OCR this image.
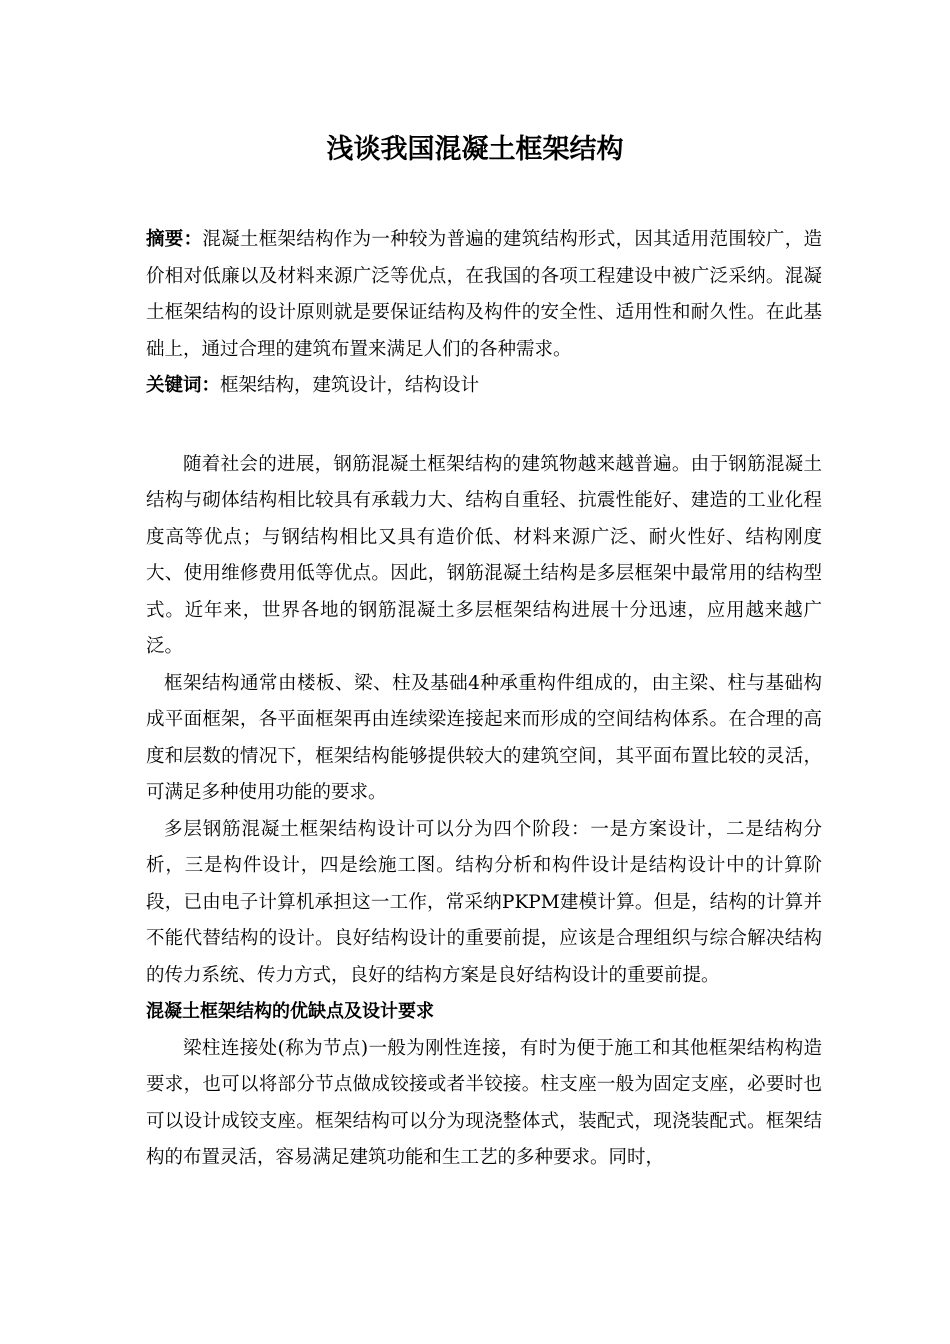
浅谈我国混凝土框架结构

摘要：混凝土框架结构作为一种较为普遍的建筑结构形式，因其适用范围较广，造价相对低廉以及材料来源广泛等优点，在我国的各项工程建设中被广泛采纳。混凝土框架结构的设计原则就是要保证结构及构件的安全性、适用性和耐久性。在此基础上，通过合理的建筑布置来满足人们的各种需求。

关键词：框架结构，建筑设计，结构设计

随着社会的进展，钢筋混凝土框架结构的建筑物越来越普遍。由于钢筋混凝土结构与砌体结构相比较具有承载力大、结构自重轻、抗震性能好、建造的工业化程度高等优点；与钢结构相比又具有造价低、材料来源广泛、耐火性好、结构刚度大、使用维修费用低等优点。因此，钢筋混凝土结构是多层框架中最常用的结构型式。近年来，世界各地的钢筋混凝土多层框架结构进展十分迅速，应用越来越广泛。

框架结构通常由楼板、梁、柱及基础4种承重构件组成的，由主梁、柱与基础构成平面框架，各平面框架再由连续梁连接起来而形成的空间结构体系。在合理的高度和层数的情况下，框架结构能够提供较大的建筑空间，其平面布置比较的灵活，可满足多种使用功能的要求。

多层钢筋混凝土框架结构设计可以分为四个阶段：一是方案设计，二是结构分析，三是构件设计，四是绘施工图。结构分析和构件设计是结构设计中的计算阶段，已由电子计算机承担这一工作，常采纳PKPM建模计算。但是，结构的计算并不能代替结构的设计。良好结构设计的重要前提，应该是合理组织与综合解决结构的传力系统、传力方式，良好的结构方案是良好结构设计的重要前提。

混凝土框架结构的优缺点及设计要求

梁柱连接处(称为节点)一般为刚性连接，有时为便于施工和其他框架结构构造要求，也可以将部分节点做成铰接或者半铰接。柱支座一般为固定支座，必要时也可以设计成铰支座。框架结构可以分为现浇整体式，装配式，现浇装配式。框架结构的布置灵活，容易满足建筑功能和生工艺的多种要求。同时，
